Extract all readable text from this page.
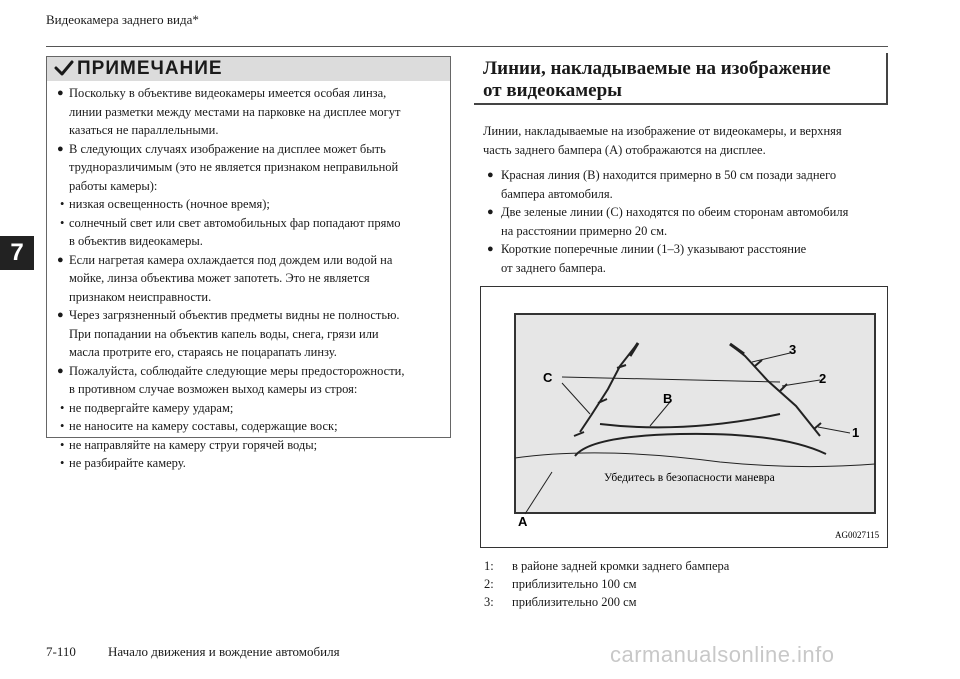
Видеокамера заднего вида*
7
ПРИМЕЧАНИЕ
● Поскольку в объективе видеокамеры имеется особая линза,
линии разметки между местами на парковке на дисплее могут
казаться не параллельными.
● В следующих случаях изображение на дисплее может быть
трудноразличимым (это не является признаком неправильной
работы камеры):
• низкая освещенность (ночное время);
• солнечный свет или свет автомобильных фар попадают прямо
в объектив видеокамеры.
● Если нагретая камера охлаждается под дождем или водой на
мойке, линза объектива может запотеть. Это не является
признаком неисправности.
● Через загрязненный объектив предметы видны не полностью.
При попадании на объектив капель воды, снега, грязи или
масла протрите его, стараясь не поцарапать линзу.
● Пожалуйста, соблюдайте следующие меры предосторожности,
в противном случае возможен выход камеры из строя:
• не подвергайте камеру ударам;
• не наносите на камеру составы, содержащие воск;
• не направляйте на камеру струи горячей воды;
• не разбирайте камеру.
Линии, накладываемые на изображение
от видеокамеры
Линии, накладываемые на изображение от видеокамеры, и верхняя
часть заднего бампера (А) отображаются на дисплее.
● Красная линия (В) находится примерно в 50 см позади заднего
бампера автомобиля.
● Две зеленые линии (С) находятся по обеим сторонам автомобиля
на расстоянии примерно 20 см.
● Короткие поперечные линии (1–3) указывают расстояние
от заднего бампера.
C
B
3
2
1
A
Убедитесь в безопасности маневра
AG0027115
1:	в районе задней кромки заднего бампера
2:	приблизительно 100 см
3:	приблизительно 200 см
7-110 Начало движения и вождение автомобиля	carmanualsonline.info
